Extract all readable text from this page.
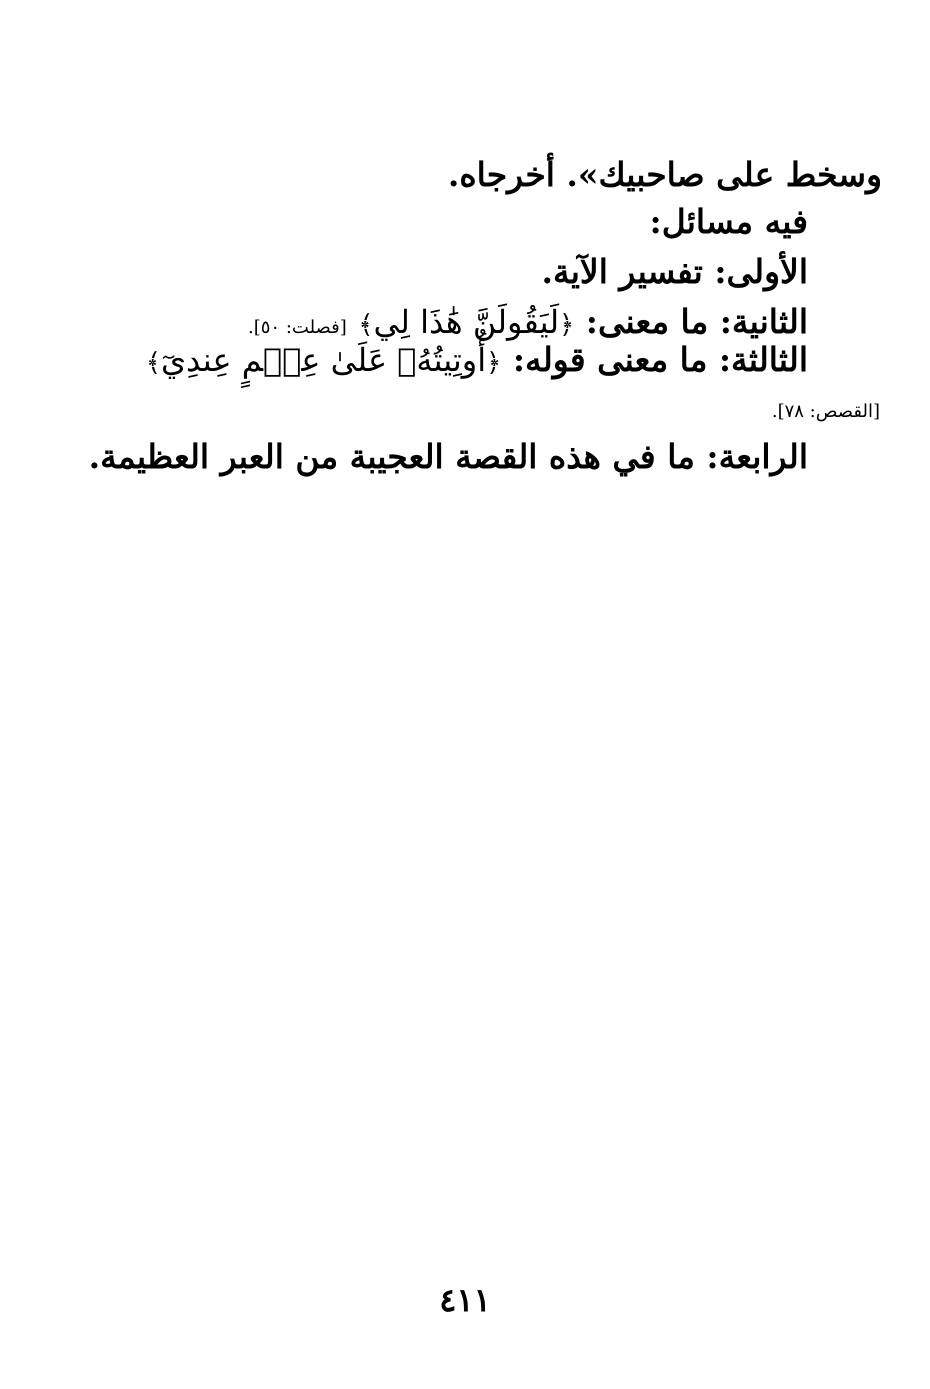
وسخط على صاحبيك». أخرجاه.
فيه مسائل:
الأولى: تفسير الآية.
الثانية: ما معنى: ﴿لَيَقُولَنَّ هَٰذَا لِي﴾ [فصلت: ٥٠].
الثالثة: ما معنى قوله: ﴿أُوتِيتُهُۥ عَلَىٰ عِلۡمٍ عِندِيٓ﴾
[القصص: ٧٨].
الرابعة: ما في هذه القصة العجيبة من العبر العظيمة.
٤١١
